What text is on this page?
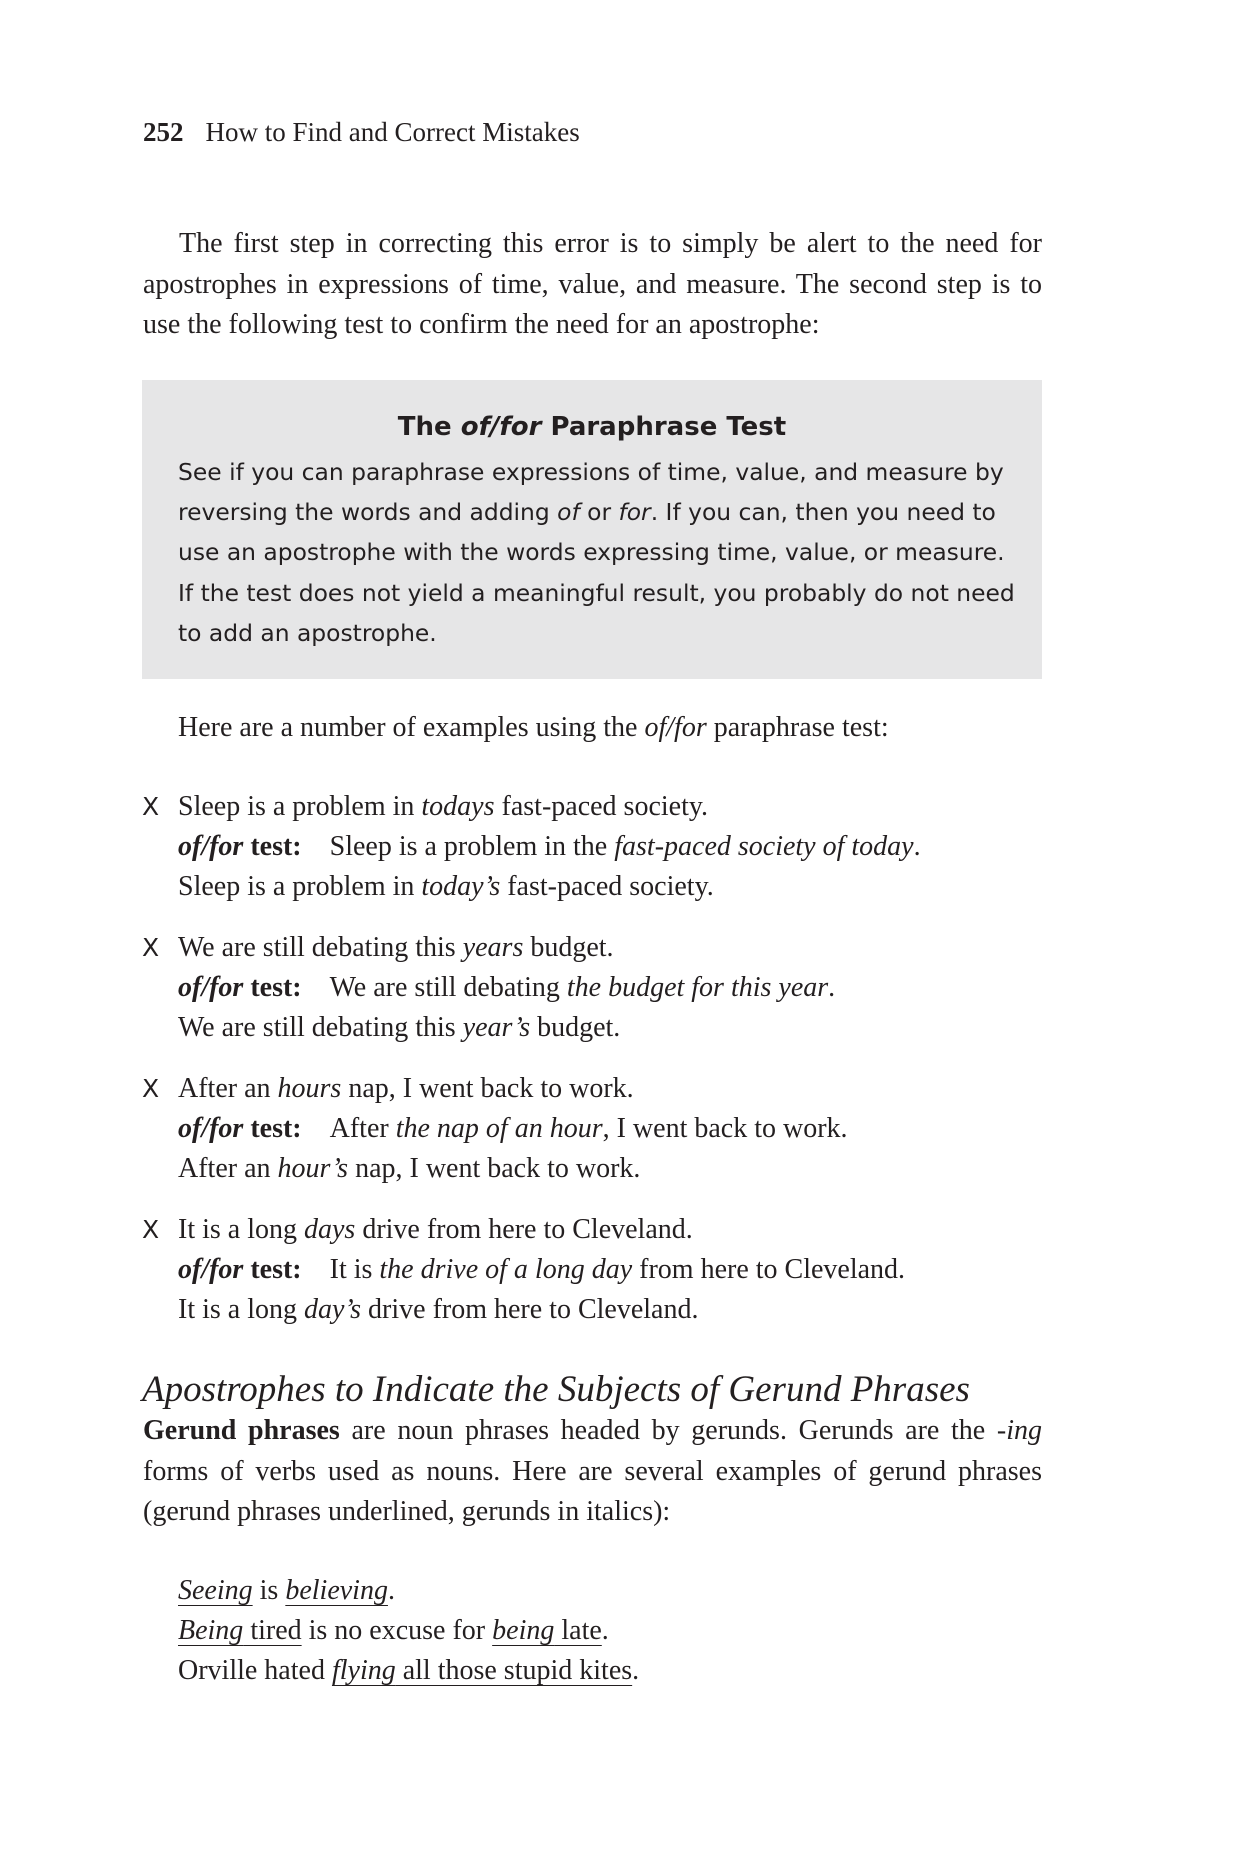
252 How to Find and Correct Mistakes
The first step in correcting this error is to simply be alert to the need for apostrophes in expressions of time, value, and measure. The second step is to use the following test to confirm the need for an apostrophe:
The of/for Paraphrase Test
See if you can paraphrase expressions of time, value, and measure by reversing the words and adding of or for. If you can, then you need to use an apostrophe with the words expressing time, value, or measure. If the test does not yield a meaningful result, you probably do not need to add an apostrophe.
Here are a number of examples using the of/for paraphrase test:
X Sleep is a problem in todays fast-paced society.
of/for test: Sleep is a problem in the fast-paced society of today.
Sleep is a problem in today’s fast-paced society.
X We are still debating this years budget.
of/for test: We are still debating the budget for this year.
We are still debating this year’s budget.
X After an hours nap, I went back to work.
of/for test: After the nap of an hour, I went back to work.
After an hour’s nap, I went back to work.
X It is a long days drive from here to Cleveland.
of/for test: It is the drive of a long day from here to Cleveland.
It is a long day’s drive from here to Cleveland.
Apostrophes to Indicate the Subjects of Gerund Phrases
Gerund phrases are noun phrases headed by gerunds. Gerunds are the -ing forms of verbs used as nouns. Here are several examples of gerund phrases (gerund phrases underlined, gerunds in italics):
Seeing is believing.
Being tired is no excuse for being late.
Orville hated flying all those stupid kites.
